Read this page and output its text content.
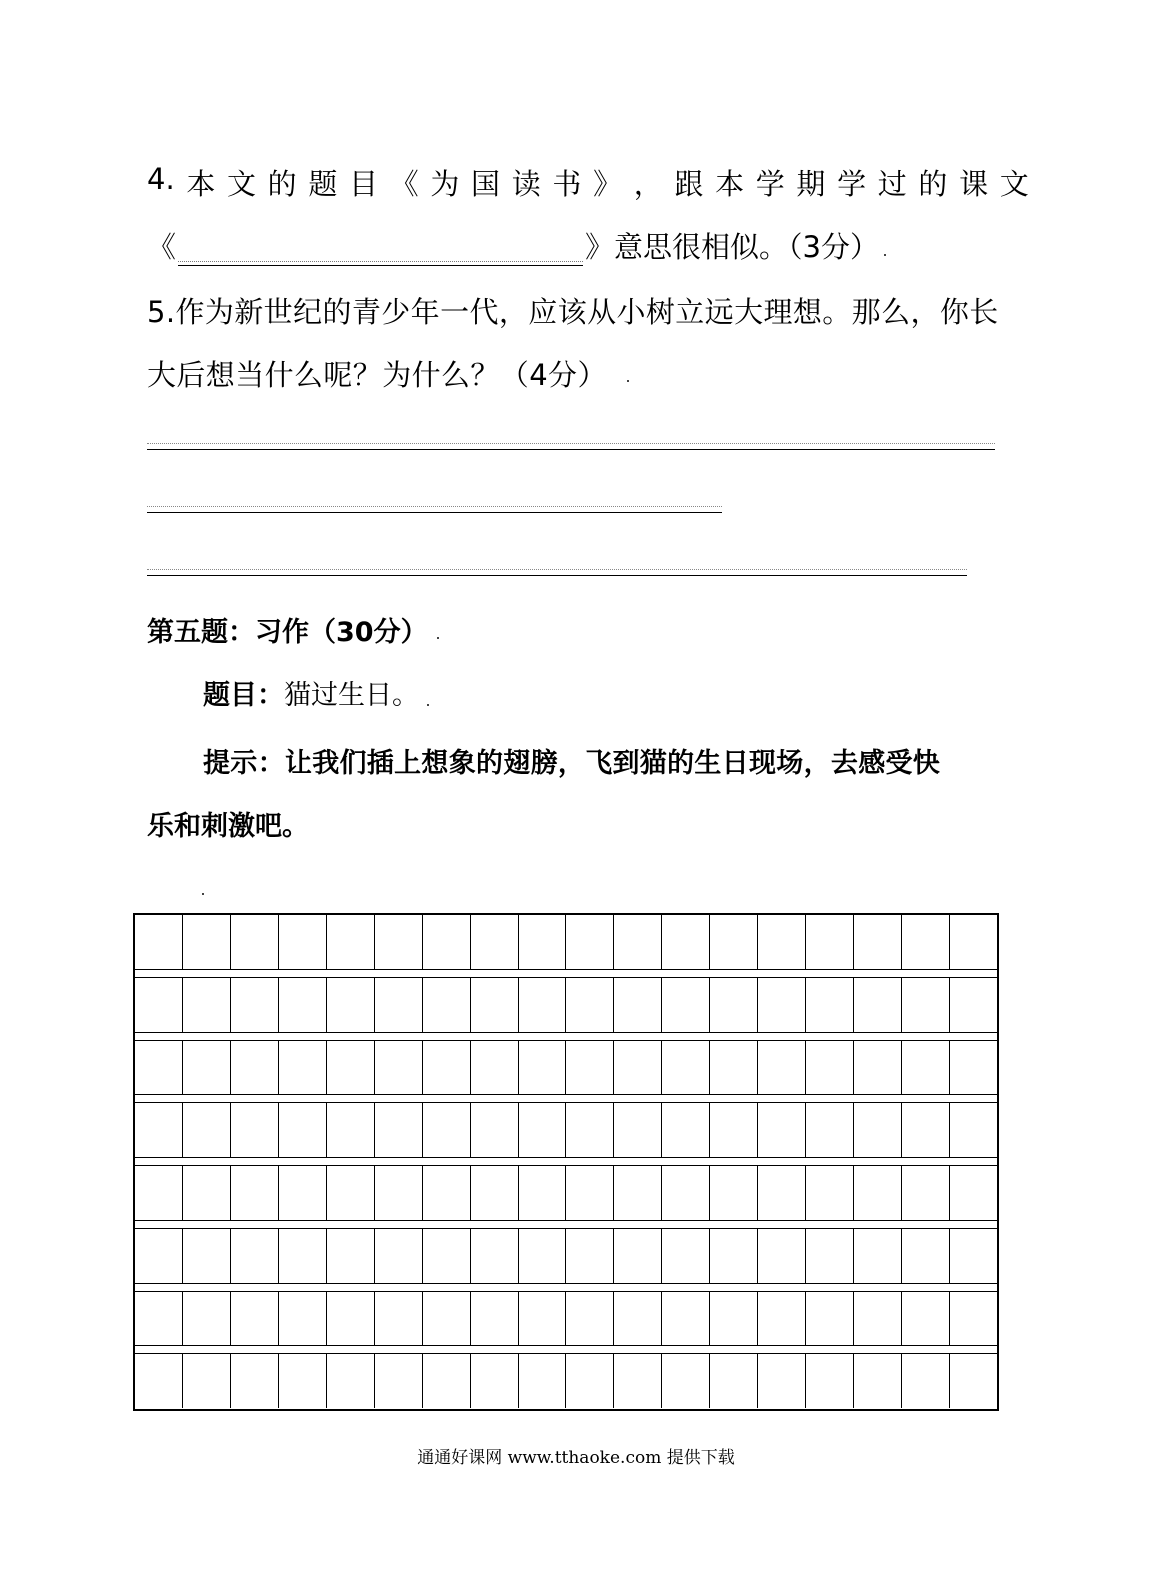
4. 本 文 的 题 目 《 为 国 读 书 》 ， 跟 本 学 期 学 过 的 课 文
《	》意思很相似。（3分）
5.作为新世纪的青少年一代，应该从小树立远大理想。那么，你长
大后想当什么呢？为什么？（4分）
第五题：习作（30分）
题目：猫过生日。
提示：让我们插上想象的翅膀，飞到猫的生日现场，去感受快
乐和刺激吧。
通通好课网 www.tthaoke.com 提供下载
